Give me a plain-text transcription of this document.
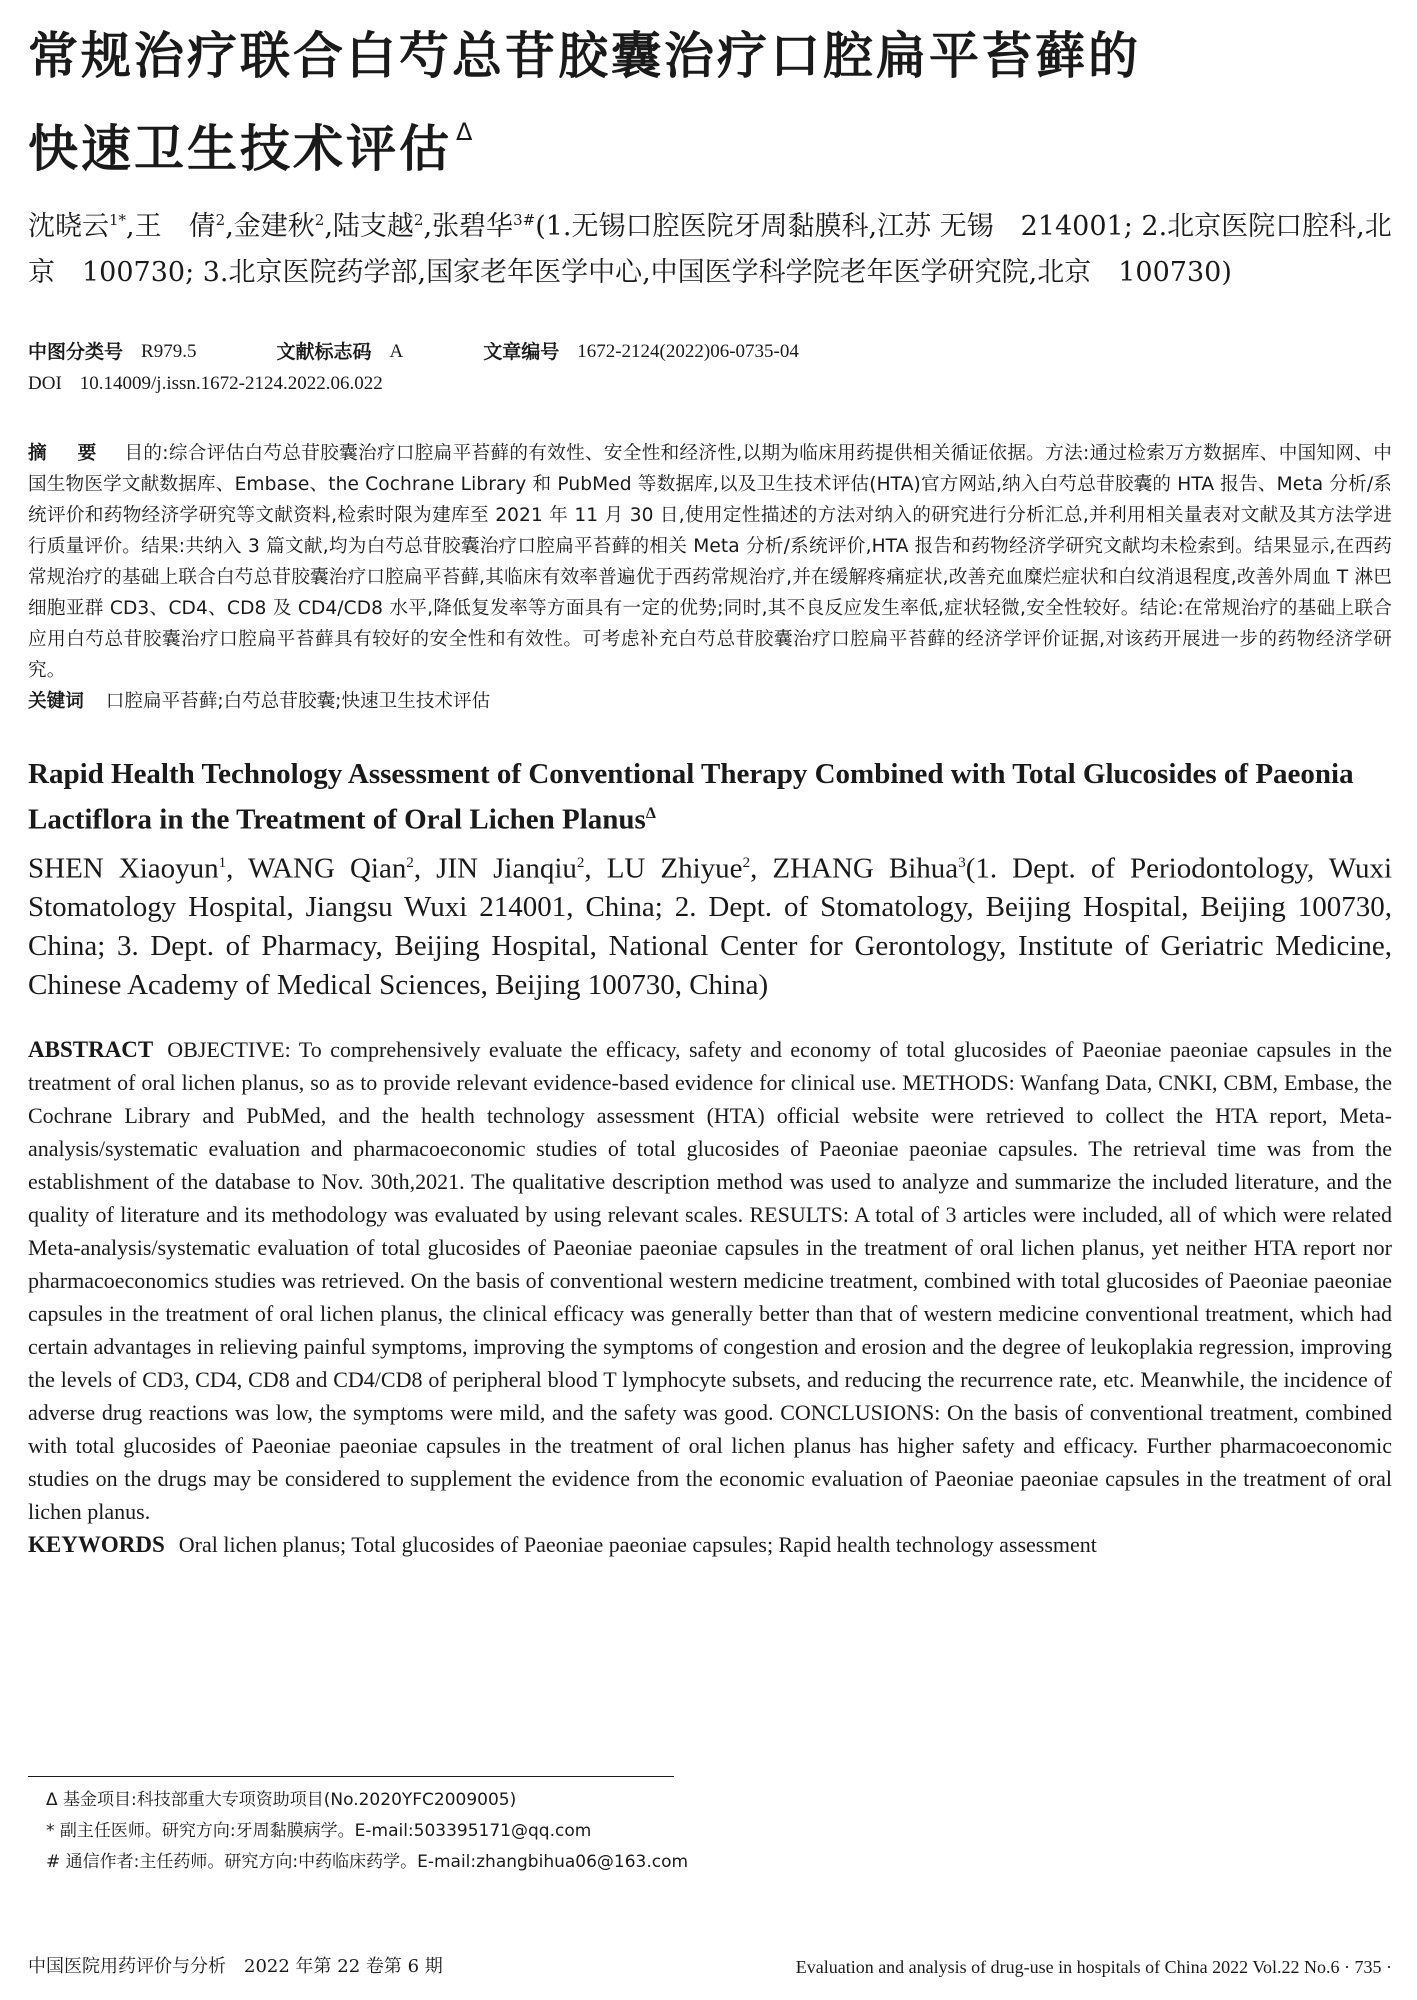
常规治疗联合白芍总苷胶囊治疗口腔扁平苔藓的
快速卫生技术评估 $^\Delta$

沈晓云$^{1*}$,王　倩$^2$,金建秋$^2$,陆支越$^2$,张碧华$^{3\#}$(1.无锡口腔医院牙周黏膜科,江苏 无锡　214001; 2.北京医院口腔科,北京　100730; 3.北京医院药学部,国家老年医学中心,中国医学科学院老年医学研究院,北京　100730)

中图分类号 R979.5	文献标志码 A	文章编号 1672-2124(2022)06-0735-04
DOI 10.14009/j.issn.1672-2124.2022.06.022
摘　要 目的:综合评估白芍总苷胶囊治疗口腔扁平苔藓的有效性、安全性和经济性,以期为临床用药提供相关循证依据。方法:通过检索万方数据库、中国知网、中国生物医学文献数据库、Embase、the Cochrane Library 和 PubMed 等数据库,以及卫生技术评估(HTA)官方网站,纳入白芍总苷胶囊的 HTA 报告、Meta 分析/系统评价和药物经济学研究等文献资料,检索时限为建库至 2021 年 11 月 30 日,使用定性描述的方法对纳入的研究进行分析汇总,并利用相关量表对文献及其方法学进行质量评价。结果:共纳入 3 篇文献,均为白芍总苷胶囊治疗口腔扁平苔藓的相关 Meta 分析/系统评价,HTA 报告和药物经济学研究文献均未检索到。结果显示,在西药常规治疗的基础上联合白芍总苷胶囊治疗口腔扁平苔藓,其临床有效率普遍优于西药常规治疗,并在缓解疼痛症状,改善充血糜烂症状和白纹消退程度,改善外周血 T 淋巴细胞亚群 CD3、CD4、CD8 及 CD4/CD8 水平,降低复发率等方面具有一定的优势;同时,其不良反应发生率低,症状轻微,安全性较好。结论:在常规治疗的基础上联合应用白芍总苷胶囊治疗口腔扁平苔藓具有较好的安全性和有效性。可考虑补充白芍总苷胶囊治疗口腔扁平苔藓的经济学评价证据,对该药开展进一步的药物经济学研究。
关键词 口腔扁平苔藓;白芍总苷胶囊;快速卫生技术评估
Rapid Health Technology Assessment of Conventional Therapy Combined with Total Glucosides of Paeonia Lactiflora in the Treatment of Oral Lichen Planus$^\Delta$
SHEN Xiaoyun$^1$, WANG Qian$^2$, JIN Jianqiu$^2$, LU Zhiyue$^2$, ZHANG Bihua$^3$(1. Dept. of Periodontology, Wuxi Stomatology Hospital, Jiangsu Wuxi 214001, China; 2. Dept. of Stomatology, Beijing Hospital, Beijing 100730, China; 3. Dept. of Pharmacy, Beijing Hospital, National Center for Gerontology, Institute of Geriatric Medicine, Chinese Academy of Medical Sciences, Beijing 100730, China)
ABSTRACT OBJECTIVE: To comprehensively evaluate the efficacy, safety and economy of total glucosides of Paeoniae paeoniae capsules in the treatment of oral lichen planus, so as to provide relevant evidence-based evidence for clinical use. METHODS: Wanfang Data, CNKI, CBM, Embase, the Cochrane Library and PubMed, and the health technology assessment (HTA) official website were retrieved to collect the HTA report, Meta-analysis/systematic evaluation and pharmacoeconomic studies of total glucosides of Paeoniae paeoniae capsules. The retrieval time was from the establishment of the database to Nov. 30th,2021. The qualitative description method was used to analyze and summarize the included literature, and the quality of literature and its methodology was evaluated by using relevant scales. RESULTS: A total of 3 articles were included, all of which were related Meta-analysis/systematic evaluation of total glucosides of Paeoniae paeoniae capsules in the treatment of oral lichen planus, yet neither HTA report nor pharmacoeconomics studies was retrieved. On the basis of conventional western medicine treatment, combined with total glucosides of Paeoniae paeoniae capsules in the treatment of oral lichen planus, the clinical efficacy was generally better than that of western medicine conventional treatment, which had certain advantages in relieving painful symptoms, improving the symptoms of congestion and erosion and the degree of leukoplakia regression, improving the levels of CD3, CD4, CD8 and CD4/CD8 of peripheral blood T lymphocyte subsets, and reducing the recurrence rate, etc. Meanwhile, the incidence of adverse drug reactions was low, the symptoms were mild, and the safety was good. CONCLUSIONS: On the basis of conventional treatment, combined with total glucosides of Paeoniae paeoniae capsules in the treatment of oral lichen planus has higher safety and efficacy. Further pharmacoeconomic studies on the drugs may be considered to supplement the evidence from the economic evaluation of Paeoniae paeoniae capsules in the treatment of oral lichen planus.
KEYWORDS Oral lichen planus; Total glucosides of Paeoniae paeoniae capsules; Rapid health technology assessment
Δ 基金项目:科技部重大专项资助项目(No.2020YFC2009005)
* 副主任医师。研究方向:牙周黏膜病学。E-mail:503395171@qq.com
# 通信作者:主任药师。研究方向:中药临床药学。E-mail:zhangbihua06@163.com
中国医院用药评价与分析　2022 年第 22 卷第 6 期	Evaluation and analysis of drug-use in hospitals of China 2022 Vol.22 No.6 · 735 ·
